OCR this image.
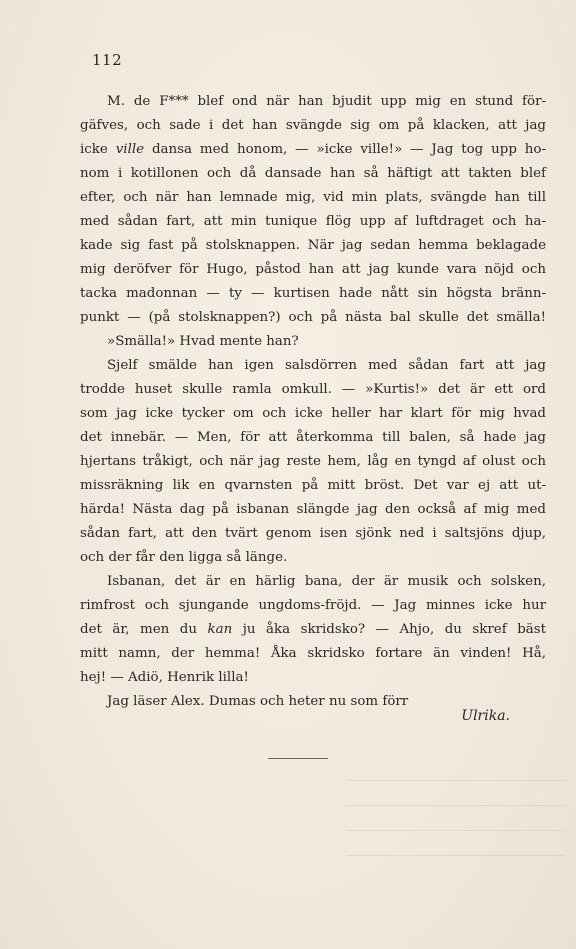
112
M. de F*** blef ond när han bjudit upp mig en stund för-
gäfves, och sade i det han svängde sig om på klacken, att jag
icke ville dansa med honom, — »icke ville!» — Jag tog upp ho-
nom i kotillonen och då dansade han så häftigt att takten blef
efter, och när han lemnade mig, vid min plats, svängde han till
med sådan fart, att min tunique flög upp af luftdraget och ha-
kade sig fast på stolsknappen. När jag sedan hemma beklagade
mig deröfver för Hugo, påstod han att jag kunde vara nöjd och
tacka madonnan — ty — kurtisen hade nått sin högsta bränn-
punkt — (på stolsknappen?) och på nästa bal skulle det smälla!
»Smälla!» Hvad mente han?
Sjelf smälde han igen salsdörren med sådan fart att jag
trodde huset skulle ramla omkull. — »Kurtis!» det är ett ord
som jag icke tycker om och icke heller har klart för mig hvad
det innebär. — Men, för att återkomma till balen, så hade jag
hjertans tråkigt, och när jag reste hem, låg en tyngd af olust och
missräkning lik en qvarnsten på mitt bröst. Det var ej att ut-
härda! Nästa dag på isbanan slängde jag den också af mig med
sådan fart, att den tvärt genom isen sjönk ned i saltsjöns djup,
och der får den ligga så länge.
Isbanan, det är en härlig bana, der är musik och solsken,
rimfrost och sjungande ungdoms-fröjd. — Jag minnes icke hur
det är, men du kan ju åka skridsko? — Ahjo, du skref bäst
mitt namn, der hemma! Åka skridsko fortare än vinden! Hå,
hej! — Adiö, Henrik lilla!
Jag läser Alex. Dumas och heter nu som förr
Ulrika.
